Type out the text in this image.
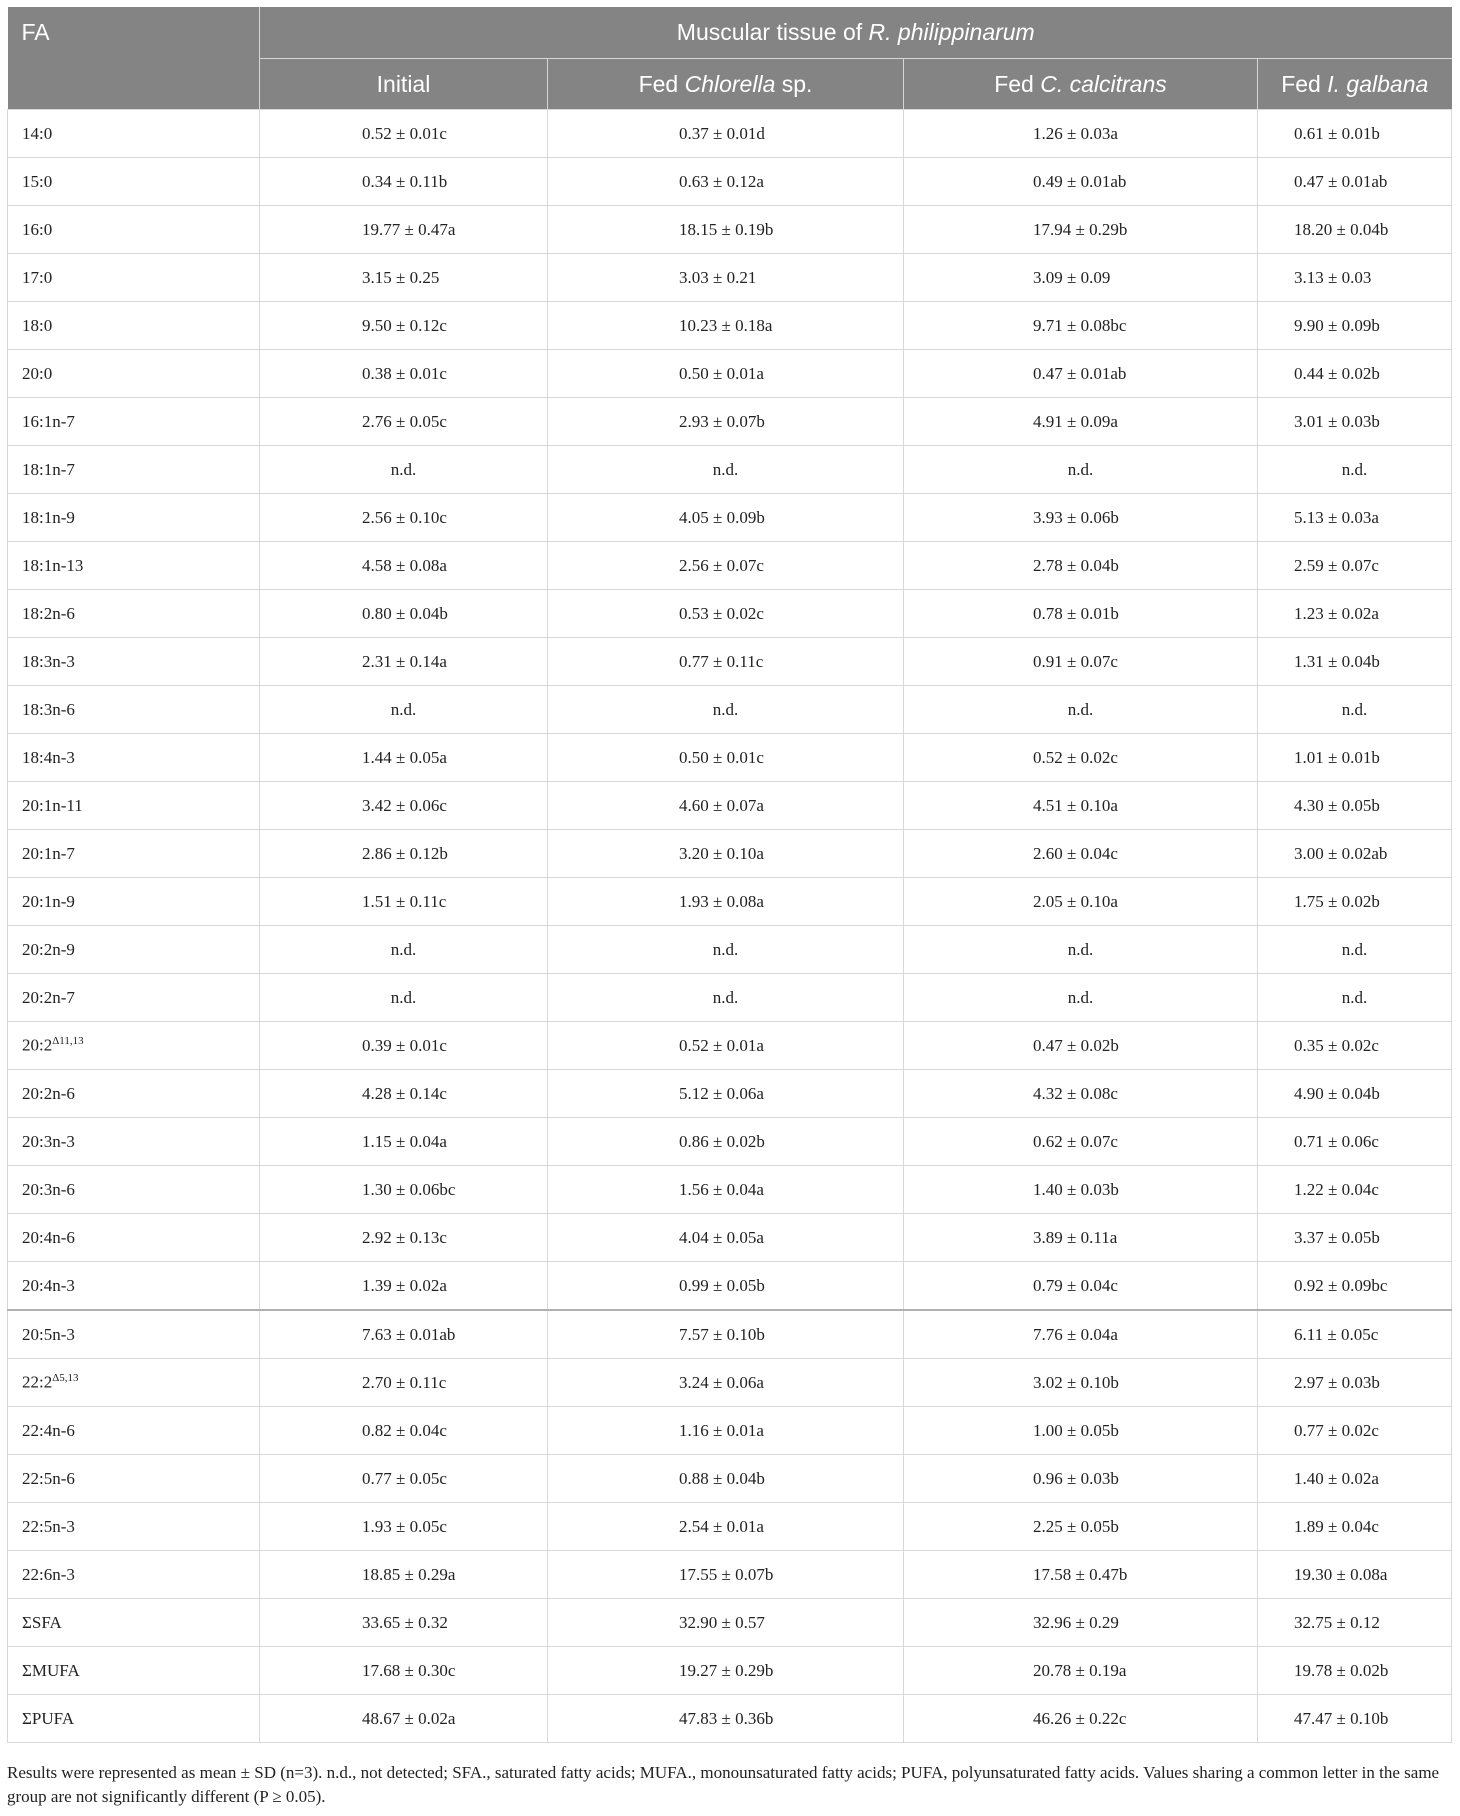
FA	Muscular tissue of R. philippinarum			
	Initial	Fed Chlorella sp.	Fed C. calcitrans	Fed I. galbana
14:0	0.52 ± 0.01c	0.37 ± 0.01d	1.26 ± 0.03a	0.61 ± 0.01b
15:0	0.34 ± 0.11b	0.63 ± 0.12a	0.49 ± 0.01ab	0.47 ± 0.01ab
16:0	19.77 ± 0.47a	18.15 ± 0.19b	17.94 ± 0.29b	18.20 ± 0.04b
17:0	3.15 ± 0.25	3.03 ± 0.21	3.09 ± 0.09	3.13 ± 0.03
18:0	9.50 ± 0.12c	10.23 ± 0.18a	9.71 ± 0.08bc	9.90 ± 0.09b
20:0	0.38 ± 0.01c	0.50 ± 0.01a	0.47 ± 0.01ab	0.44 ± 0.02b
16:1n-7	2.76 ± 0.05c	2.93 ± 0.07b	4.91 ± 0.09a	3.01 ± 0.03b
18:1n-7	n.d.	n.d.	n.d.	n.d.
18:1n-9	2.56 ± 0.10c	4.05 ± 0.09b	3.93 ± 0.06b	5.13 ± 0.03a
18:1n-13	4.58 ± 0.08a	2.56 ± 0.07c	2.78 ± 0.04b	2.59 ± 0.07c
18:2n-6	0.80 ± 0.04b	0.53 ± 0.02c	0.78 ± 0.01b	1.23 ± 0.02a
18:3n-3	2.31 ± 0.14a	0.77 ± 0.11c	0.91 ± 0.07c	1.31 ± 0.04b
18:3n-6	n.d.	n.d.	n.d.	n.d.
18:4n-3	1.44 ± 0.05a	0.50 ± 0.01c	0.52 ± 0.02c	1.01 ± 0.01b
20:1n-11	3.42 ± 0.06c	4.60 ± 0.07a	4.51 ± 0.10a	4.30 ± 0.05b
20:1n-7	2.86 ± 0.12b	3.20 ± 0.10a	2.60 ± 0.04c	3.00 ± 0.02ab
20:1n-9	1.51 ± 0.11c	1.93 ± 0.08a	2.05 ± 0.10a	1.75 ± 0.02b
20:2n-9	n.d.	n.d.	n.d.	n.d.
20:2n-7	n.d.	n.d.	n.d.	n.d.
$20:2^{\Delta 11,13}$	0.39 ± 0.01c	0.52 ± 0.01a	0.47 ± 0.02b	0.35 ± 0.02c
20:2n-6	4.28 ± 0.14c	5.12 ± 0.06a	4.32 ± 0.08c	4.90 ± 0.04b
20:3n-3	1.15 ± 0.04a	0.86 ± 0.02b	0.62 ± 0.07c	0.71 ± 0.06c
20:3n-6	1.30 ± 0.06bc	1.56 ± 0.04a	1.40 ± 0.03b	1.22 ± 0.04c
20:4n-6	2.92 ± 0.13c	4.04 ± 0.05a	3.89 ± 0.11a	3.37 ± 0.05b
20:4n-3	1.39 ± 0.02a	0.99 ± 0.05b	0.79 ± 0.04c	0.92 ± 0.09bc
20:5n-3	7.63 ± 0.01ab	7.57 ± 0.10b	7.76 ± 0.04a	6.11 ± 0.05c
$22:2^{\Delta 5,13}$	2.70 ± 0.11c	3.24 ± 0.06a	3.02 ± 0.10b	2.97 ± 0.03b
22:4n-6	0.82 ± 0.04c	1.16 ± 0.01a	1.00 ± 0.05b	0.77 ± 0.02c
22:5n-6	0.77 ± 0.05c	0.88 ± 0.04b	0.96 ± 0.03b	1.40 ± 0.02a
22:5n-3	1.93 ± 0.05c	2.54 ± 0.01a	2.25 ± 0.05b	1.89 ± 0.04c
22:6n-3	18.85 ± 0.29a	17.55 ± 0.07b	17.58 ± 0.47b	19.30 ± 0.08a
ΣSFA	33.65 ± 0.32	32.90 ± 0.57	32.96 ± 0.29	32.75 ± 0.12
ΣMUFA	17.68 ± 0.30c	19.27 ± 0.29b	20.78 ± 0.19a	19.78 ± 0.02b
ΣPUFA	48.67 ± 0.02a	47.83 ± 0.36b	46.26 ± 0.22c	47.47 ± 0.10b
Results were represented as mean ± SD (n=3). n.d., not detected; SFA., saturated fatty acids; MUFA., monounsaturated fatty acids; PUFA, polyunsaturated fatty acids. Values sharing a common letter in the same group are not significantly different (P ≥ 0.05).
